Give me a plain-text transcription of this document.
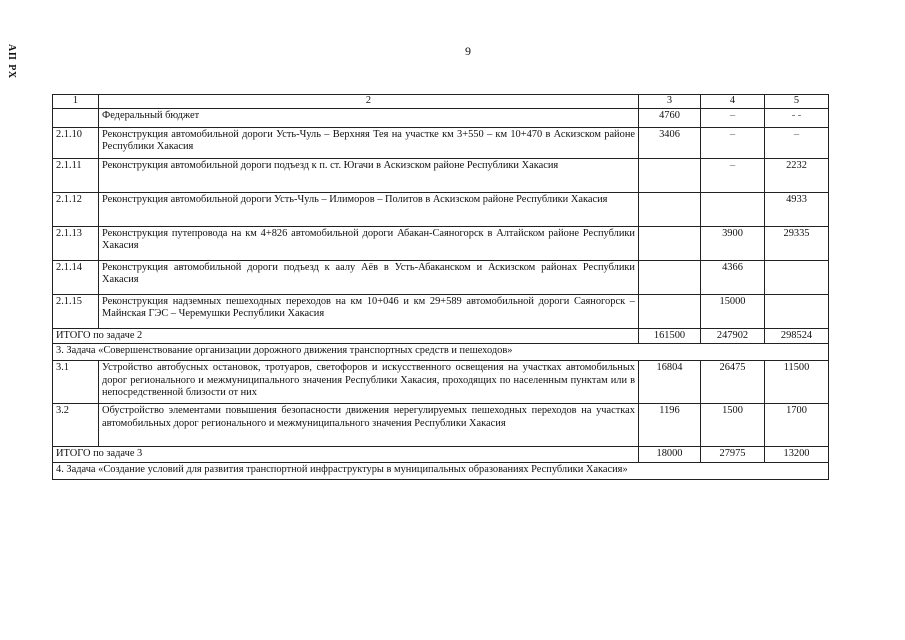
АП РХ	9
1	2	3	4	5
	Федеральный бюджет	4760	–	- -
2.1.10	Реконструкция автомобильной дороги Усть-Чуль – Верхняя Тея на участке км 3+550 – км 10+470 в Аскизском районе Республики Хакасия	3406	–	–
2.1.11	Реконструкция автомобильной дороги подъезд к п. ст. Югачи в Аскизском районе Республики Хакасия		–	2232
2.1.12	Реконструкция автомобильной дороги Усть-Чуль – Илиморов – Политов в Аскизском районе Республики Хакасия			4933
2.1.13	Реконструкция путепровода на км 4+826 автомобильной дороги Абакан-Саяногорск в Алтайском районе Республики Хакасия		3900	29335
2.1.14	Реконструкция автомобильной дороги подъезд к аалу Аёв в Усть-Абаканском и Аскизском районах Республики Хакасия		4366	
2.1.15	Реконструкция надземных пешеходных переходов на км 10+046 и км 29+589 автомобильной дороги Саяногорск – Майнская ГЭС – Черемушки Республики Хакасия		15000	
ИТОГО по задаче 2		161500	247902	298524
3. Задача «Совершенствование организации дорожного движения транспортных средств и пешеходов»				
3.1	Устройство автобусных остановок, тротуаров, светофоров и искусственного освещения на участках автомобильных дорог регионального и межмуниципального значения Республики Хакасия, проходящих по населенным пунктам или в непосредственной близости от них	16804	26475	11500
3.2	Обустройство элементами повышения безопасности движения нерегулируемых пешеходных переходов на участках автомобильных дорог регионального и межмуниципального значения Республики Хакасия	1196	1500	1700
ИТОГО по задаче 3		18000	27975	13200
4. Задача «Создание условий для развития транспортной инфраструктуры в муниципальных образованиях Республики Хакасия»				
